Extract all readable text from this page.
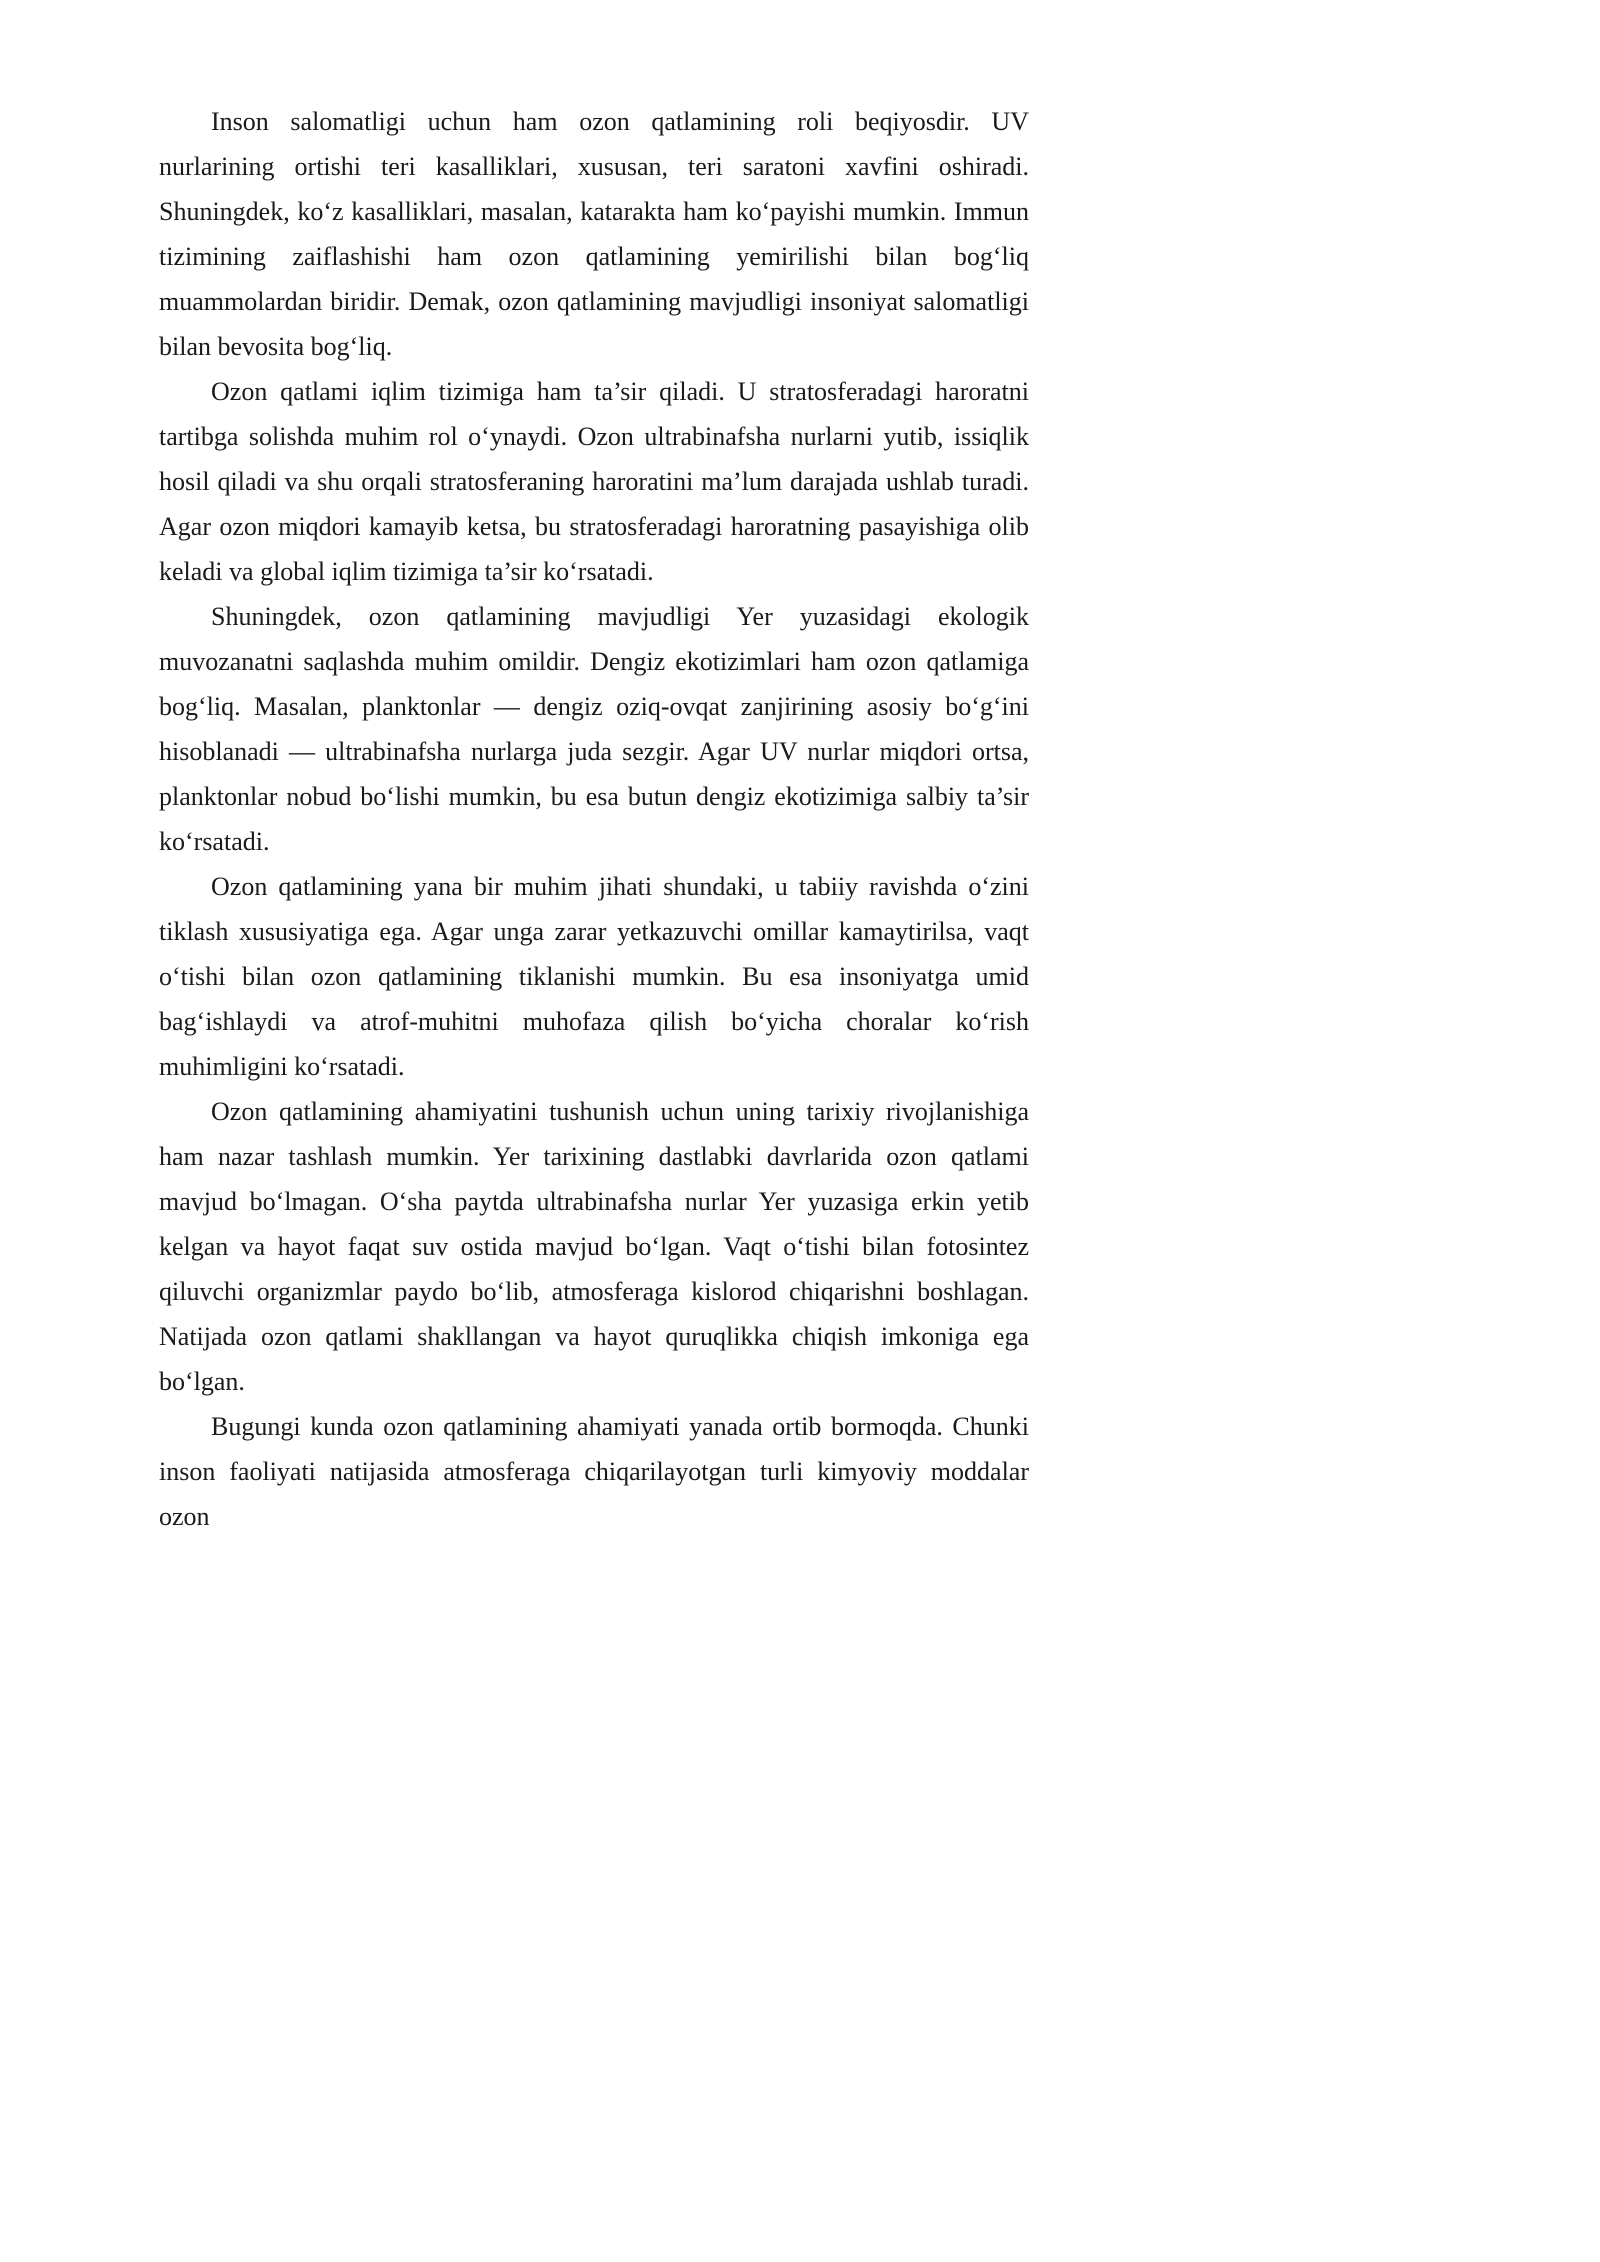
Inson salomatligi uchun ham ozon qatlamining roli beqiyosdir. UV nurlarining ortishi teri kasalliklari, xususan, teri saratoni xavfini oshiradi. Shuningdek, ko‘z kasalliklari, masalan, katarakta ham ko‘payishi mumkin. Immun tizimining zaiflashishi ham ozon qatlamining yemirilishi bilan bog‘liq muammolardan biridir. Demak, ozon qatlamining mavjudligi insoniyat salomatligi bilan bevosita bog‘liq.

Ozon qatlami iqlim tizimiga ham ta’sir qiladi. U stratosferadagi haroratni tartibga solishda muhim rol o‘ynaydi. Ozon ultrabinafsha nurlarni yutib, issiqlik hosil qiladi va shu orqali stratosferaning haroratini ma’lum darajada ushlab turadi. Agar ozon miqdori kamayib ketsa, bu stratosferadagi haroratning pasayishiga olib keladi va global iqlim tizimiga ta’sir ko‘rsatadi.

Shuningdek, ozon qatlamining mavjudligi Yer yuzasidagi ekologik muvozanatni saqlashda muhim omildir. Dengiz ekotizimlari ham ozon qatlamiga bog‘liq. Masalan, planktonlar — dengiz oziq-ovqat zanjirining asosiy bo‘g‘ini hisoblanadi — ultrabinafsha nurlarga juda sezgir. Agar UV nurlar miqdori ortsa, planktonlar nobud bo‘lishi mumkin, bu esa butun dengiz ekotizimiga salbiy ta’sir ko‘rsatadi.

Ozon qatlamining yana bir muhim jihati shundaki, u tabiiy ravishda o‘zini tiklash xususiyatiga ega. Agar unga zarar yetkazuvchi omillar kamaytirilsa, vaqt o‘tishi bilan ozon qatlamining tiklanishi mumkin. Bu esa insoniyatga umid bag‘ishlaydi va atrof-muhitni muhofaza qilish bo‘yicha choralar ko‘rish muhimligini ko‘rsatadi.

Ozon qatlamining ahamiyatini tushunish uchun uning tarixiy rivojlanishiga ham nazar tashlash mumkin. Yer tarixining dastlabki davrlarida ozon qatlami mavjud bo‘lmagan. O‘sha paytda ultrabinafsha nurlar Yer yuzasiga erkin yetib kelgan va hayot faqat suv ostida mavjud bo‘lgan. Vaqt o‘tishi bilan fotosintez qiluvchi organizmlar paydo bo‘lib, atmosferaga kislorod chiqarishni boshlagan. Natijada ozon qatlami shakllangan va hayot quruqlikka chiqish imkoniga ega bo‘lgan.

Bugungi kunda ozon qatlamining ahamiyati yanada ortib bormoqda. Chunki inson faoliyati natijasida atmosferaga chiqarilayotgan turli kimyoviy moddalar ozon
